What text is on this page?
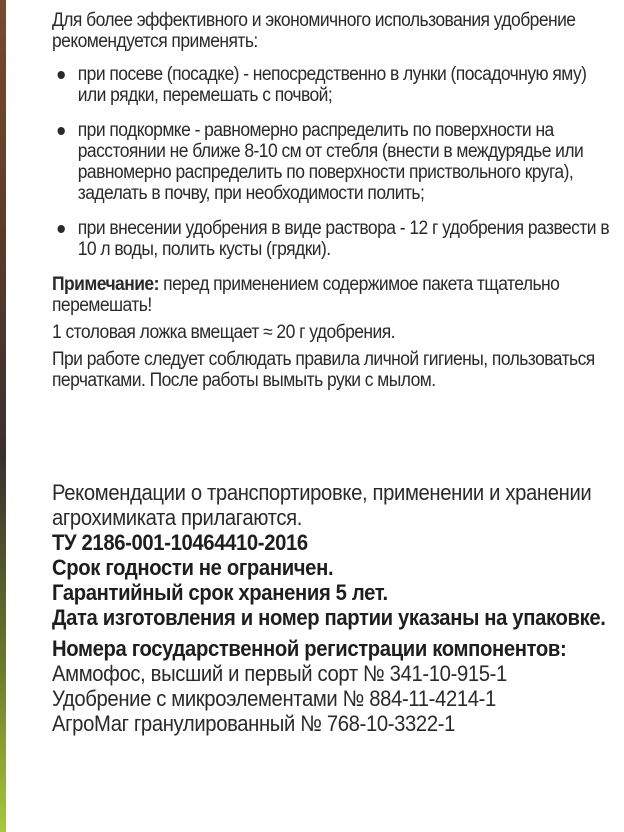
Для более эффективного и экономичного использования удобрение рекомендуется применять:

при посеве (посадке) - непосредственно в лунки (посадочную яму) или рядки, перемешать с почвой;
при подкормке - равномерно распределить по поверхности на расстоянии не ближе 8-10 см от стебля (внести в междурядье или равномерно распределить по поверхности приствольного круга), заделать в почву, при необходимости полить;
при внесении удобрения в виде раствора - 12 г удобрения развести в 10 л воды, полить кусты (грядки).

Примечание: перед применением содержимое пакета тщательно перемешать!

1 столовая ложка вмещает ≈ 20 г удобрения.

При работе следует соблюдать правила личной гигиены, пользоваться перчатками. После работы вымыть руки с мылом.

Рекомендации о транспортировке, применении и хранении агрохимиката прилагаются.

ТУ 2186-001-10464410-2016

Срок годности не ограничен.

Гарантийный срок хранения 5 лет.

Дата изготовления и номер партии указаны на упаковке.

Номера государственной регистрации компонентов:

Аммофос, высший и первый сорт № 341-10-915-1

Удобрение с микроэлементами № 884-11-4214-1

АгроМаг гранулированный № 768-10-3322-1
